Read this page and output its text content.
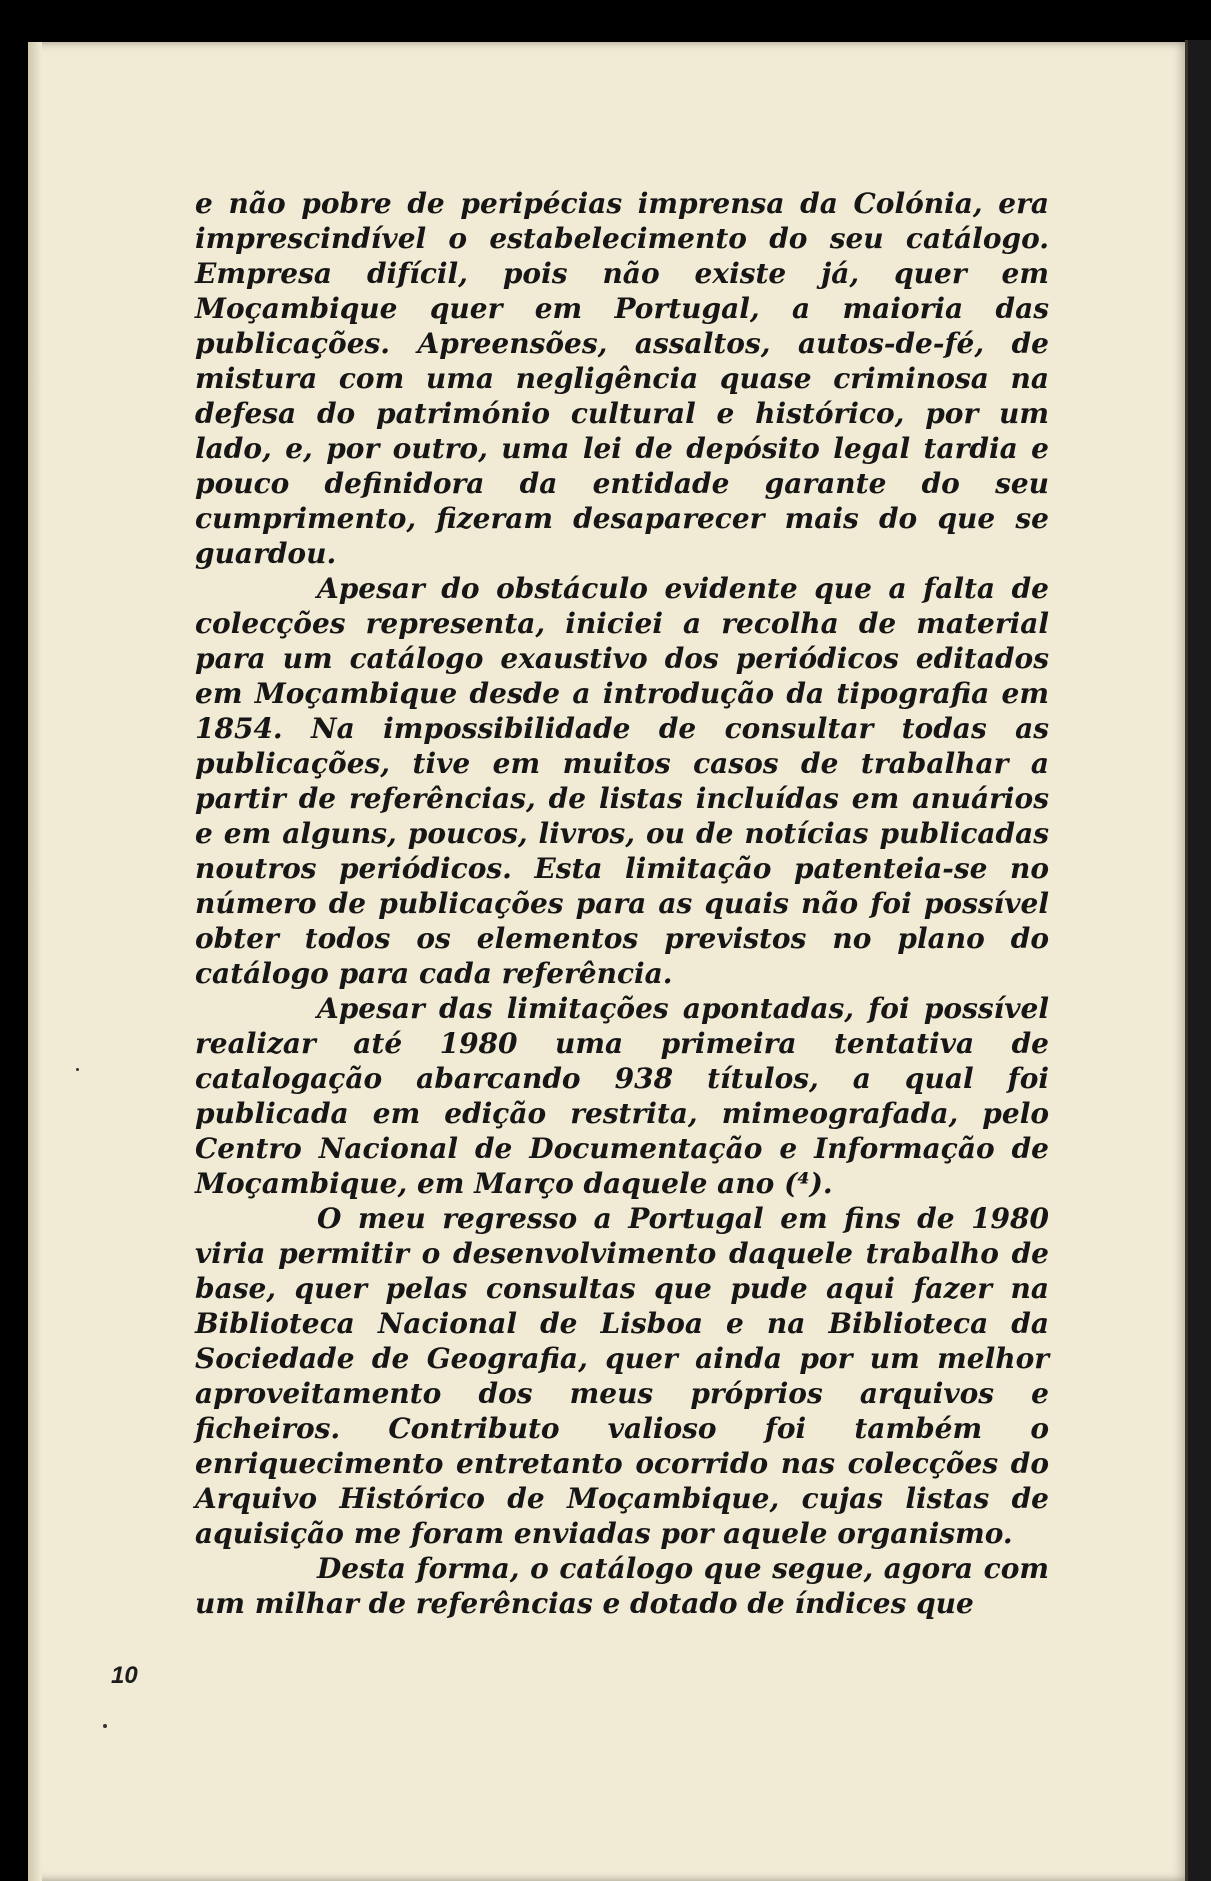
e não pobre de peripécias imprensa da Colónia, era imprescindível o estabelecimento do seu catálogo. Empresa difícil, pois não existe já, quer em Moçambique quer em Portugal, a maioria das publicações. Apreensões, assaltos, autos-de-fé, de mistura com uma negligência quase criminosa na defesa do património cultural e histórico, por um lado, e, por outro, uma lei de depósito legal tardia e pouco definidora da entidade garante do seu cumprimento, fizeram desaparecer mais do que se guardou.

Apesar do obstáculo evidente que a falta de colecções representa, iniciei a recolha de material para um catálogo exaustivo dos periódicos editados em Moçambique desde a introdução da tipografia em 1854. Na impossibilidade de consultar todas as publicações, tive em muitos casos de trabalhar a partir de referências, de listas incluídas em anuários e em alguns, poucos, livros, ou de notícias publicadas noutros periódicos. Esta limitação patenteia-se no número de publicações para as quais não foi possível obter todos os elementos previstos no plano do catálogo para cada referência.

Apesar das limitações apontadas, foi possível realizar até 1980 uma primeira tentativa de catalogação abarcando 938 títulos, a qual foi publicada em edição restrita, mimeografada, pelo Centro Nacional de Documentação e Informação de Moçambique, em Março daquele ano (⁴).

O meu regresso a Portugal em fins de 1980 viria permitir o desenvolvimento daquele trabalho de base, quer pelas consultas que pude aqui fazer na Biblioteca Nacional de Lisboa e na Biblioteca da Sociedade de Geografia, quer ainda por um melhor aproveitamento dos meus próprios arquivos e ficheiros. Contributo valioso foi também o enriquecimento entretanto ocorrido nas colecções do Arquivo Histórico de Moçambique, cujas listas de aquisição me foram enviadas por aquele organismo.

Desta forma, o catálogo que segue, agora com um milhar de referências e dotado de índices que

10
